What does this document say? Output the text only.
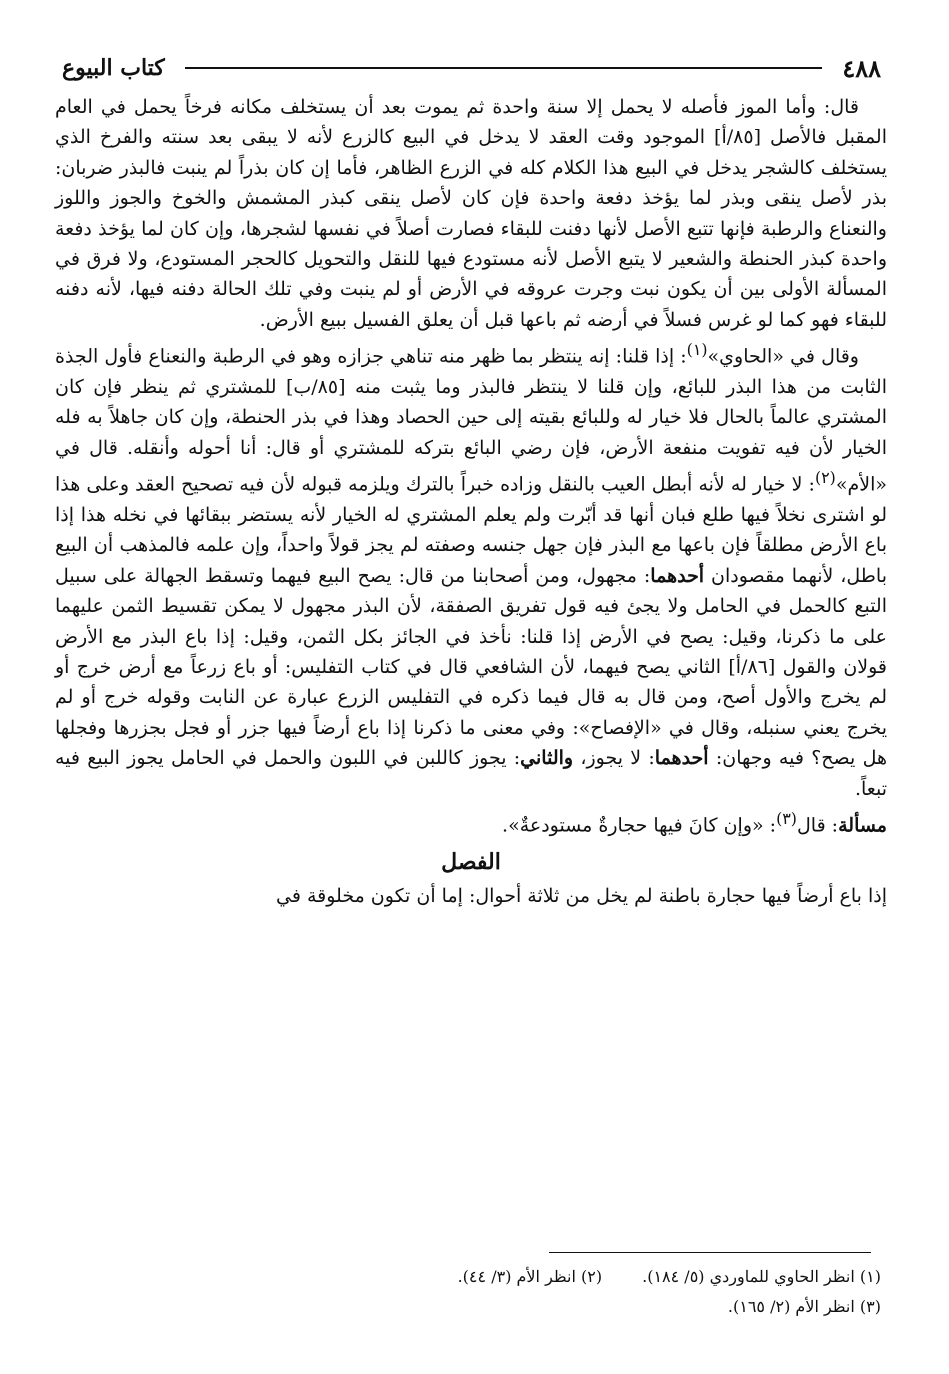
٤٨٨
كتاب البيوع

قال: وأما الموز فأصله لا يحمل إلا سنة واحدة ثم يموت بعد أن يستخلف مكانه فرخاً يحمل في العام المقبل فالأصل [٨٥/أ] الموجود وقت العقد لا يدخل في البيع كالزرع لأنه لا يبقى بعد سنته والفرخ الذي يستخلف كالشجر يدخل في البيع هذا الكلام كله في الزرع الظاهر، فأما إن كان بذراً لم ينبت فالبذر ضربان: بذر لأصل ينقى وبذر لما يؤخذ دفعة واحدة فإن كان لأصل ينقى كبذر المشمش والخوخ والجوز واللوز والنعناع والرطبة فإنها تتبع الأصل لأنها دفنت للبقاء فصارت أصلاً في نفسها لشجرها، وإن كان لما يؤخذ دفعة واحدة كبذر الحنطة والشعير لا يتبع الأصل لأنه مستودع فيها للنقل والتحويل كالحجر المستودع، ولا فرق في المسألة الأولى بين أن يكون نبت وجرت عروقه في الأرض أو لم ينبت وفي تلك الحالة دفنه فيها، لأنه دفنه للبقاء فهو كما لو غرس فسلاً في أرضه ثم باعها قبل أن يعلق الفسيل ببيع الأرض.

وقال في «الحاوي»$^{(١)}$: إذا قلنا: إنه ينتظر بما ظهر منه تناهي جزازه وهو في الرطبة والنعناع فأول الجذة الثابت من هذا البذر للبائع، وإن قلنا لا ينتظر فالبذر وما يثبت منه [٨٥/ب] للمشتري ثم ينظر فإن كان المشتري عالماً بالحال فلا خيار له وللبائع بقيته إلى حين الحصاد وهذا في بذر الحنطة، وإن كان جاهلاً به فله الخيار لأن فيه تفويت منفعة الأرض، فإن رضي البائع بتركه للمشتري أو قال: أنا أحوله وأنقله. قال في «الأم»$^{(٢)}$: لا خيار له لأنه أبطل العيب بالنقل وزاده خبراً بالترك ويلزمه قبوله لأن فيه تصحيح العقد وعلى هذا لو اشترى نخلاً فيها طلع فبان أنها قد أبّرت ولم يعلم المشتري له الخيار لأنه يستضر ببقائها في نخله هذا إذا باع الأرض مطلقاً فإن باعها مع البذر فإن جهل جنسه وصفته لم يجز قولاً واحداً، وإن علمه فالمذهب أن البيع باطل، لأنهما مقصودان أحدهما: مجهول، ومن أصحابنا من قال: يصح البيع فيهما وتسقط الجهالة على سبيل التبع كالحمل في الحامل ولا يجئ فيه قول تفريق الصفقة، لأن البذر مجهول لا يمكن تقسيط الثمن عليهما على ما ذكرنا، وقيل: يصح في الأرض إذا قلنا: نأخذ في الجائز بكل الثمن، وقيل: إذا باع البذر مع الأرض قولان والقول [٨٦/أ] الثاني يصح فيهما، لأن الشافعي قال في كتاب التفليس: أو باع زرعاً مع أرض خرج أو لم يخرج والأول أصح، ومن قال به قال فيما ذكره في التفليس الزرع عبارة عن النابت وقوله خرج أو لم يخرج يعني سنبله، وقال في «الإفصاح»: وفي معنى ما ذكرنا إذا باع أرضاً فيها جزر أو فجل بجزرها وفجلها هل يصح؟ فيه وجهان: أحدهما: لا يجوز، والثاني: يجوز كاللبن في اللبون والحمل في الحامل يجوز البيع فيه تبعاً.

مسألة: قال$^{(٣)}$: «وإن كانَ فيها حجارةٌ مستودعةٌ».

الفصل

إذا باع أرضاً فيها حجارة باطنة لم يخل من ثلاثة أحوال: إما أن تكون مخلوقة في

(١) انظر الحاوي للماوردي (٥/ ١٨٤).
(٢) انظر الأم (٣/ ٤٤).
(٣) انظر الأم (٢/ ١٦٥).
